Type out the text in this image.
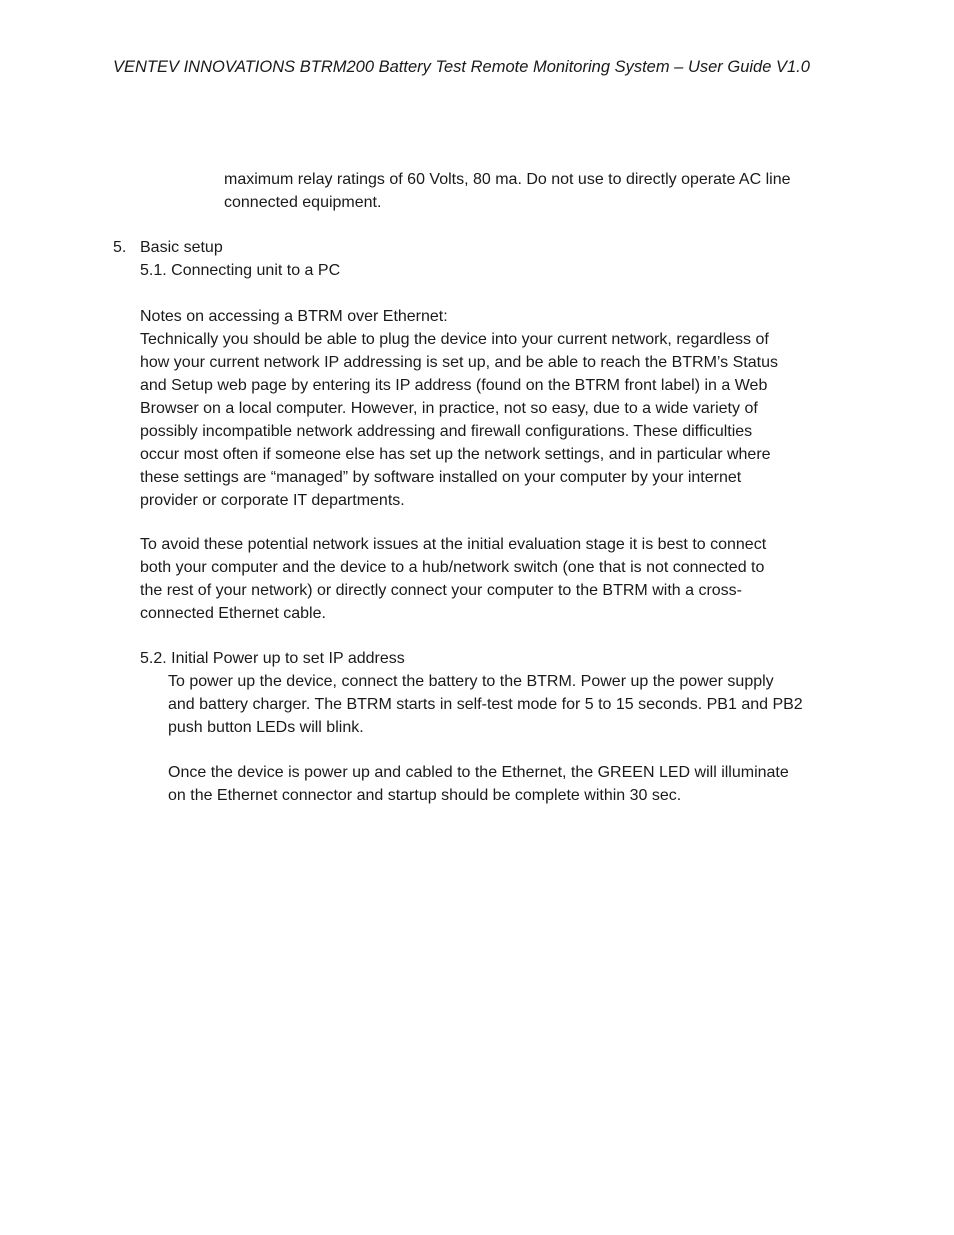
VENTEV INNOVATIONS BTRM200 Battery Test Remote Monitoring System – User Guide V1.0

maximum relay ratings of 60 Volts, 80 ma. Do not use to directly operate AC line
connected equipment.

5. Basic setup
5.1. Connecting unit to a PC
Notes on accessing a BTRM over Ethernet:

Technically you should be able to plug the device into your current network, regardless of
how your current network IP addressing is set up, and be able to reach the BTRM’s Status
and Setup web page by entering its IP address (found on the BTRM front label) in a Web
Browser on a local computer. However, in practice, not so easy, due to a wide variety of
possibly incompatible network addressing and firewall configurations. These difficulties
occur most often if someone else has set up the network settings, and in particular where
these settings are “managed” by software installed on your computer by your internet
provider or corporate IT departments.

To avoid these potential network issues at the initial evaluation stage it is best to connect
both your computer and the device to a hub/network switch (one that is not connected to
the rest of your network) or directly connect your computer to the BTRM with a cross-
connected Ethernet cable.

5.2. Initial Power up to set IP address

To power up the device, connect the battery to the BTRM. Power up the power supply
and battery charger. The BTRM starts in self-test mode for 5 to 15 seconds. PB1 and PB2
push button LEDs will blink.

Once the device is power up and cabled to the Ethernet, the GREEN LED will illuminate
on the Ethernet connector and startup should be complete within 30 sec.
